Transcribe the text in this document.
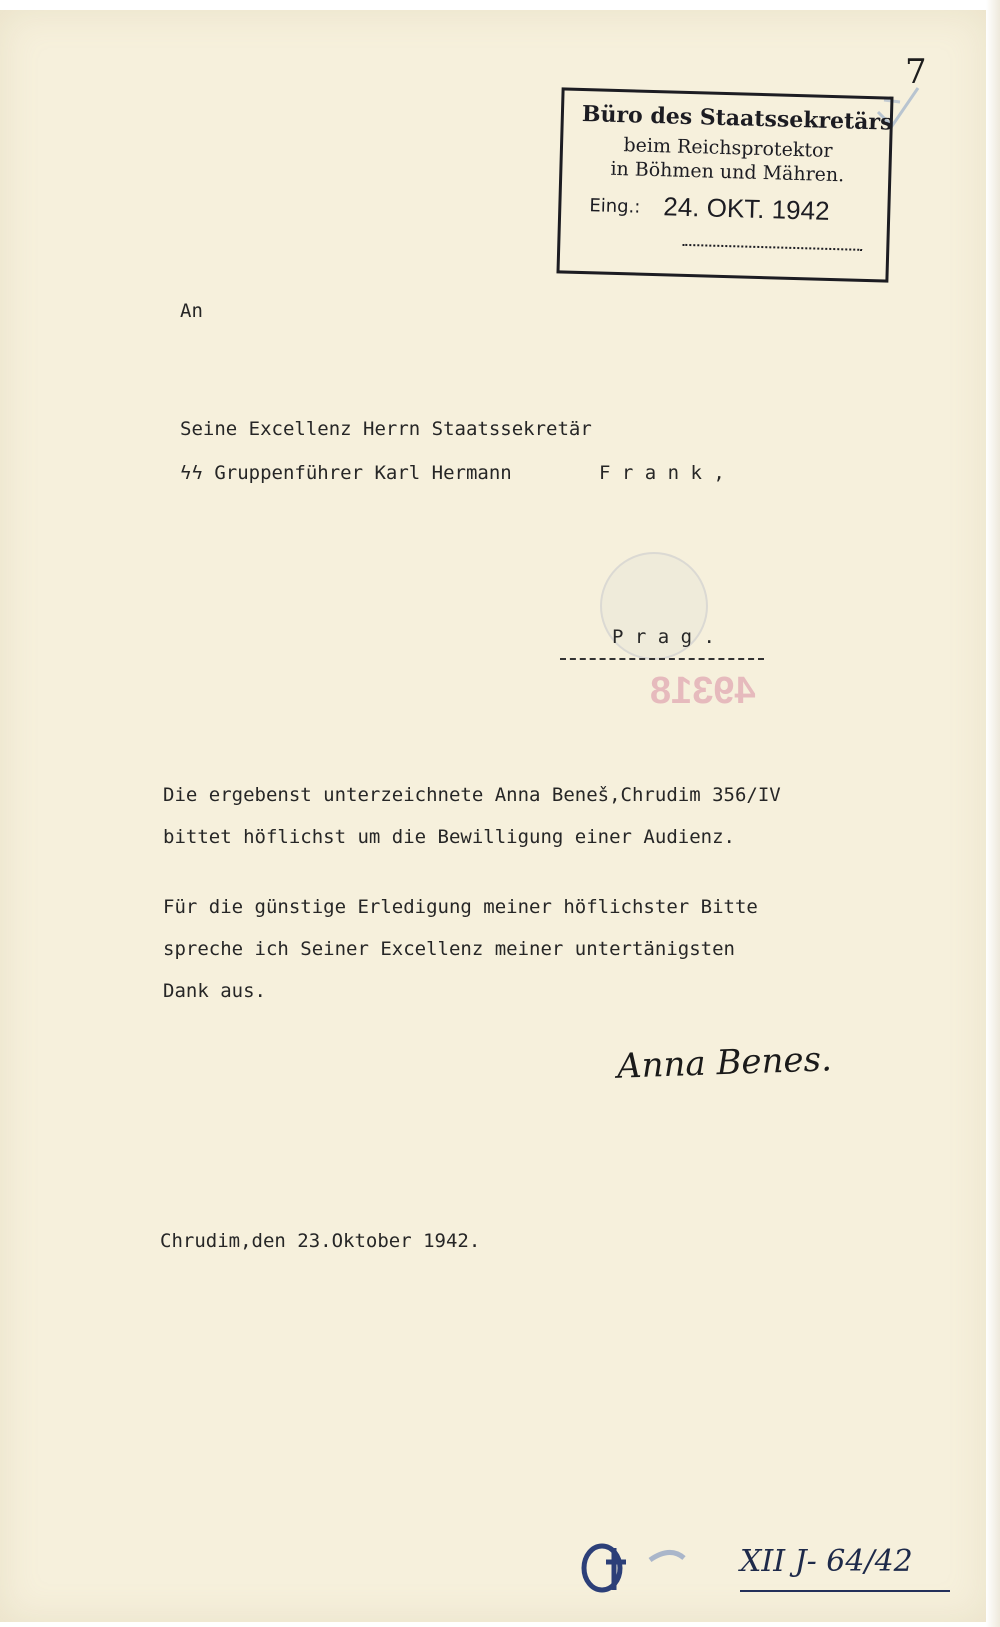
7
Büro des Staatssekretärs
beim Reichsprotektor
in Böhmen und Mähren.
Eing.: 24. OKT. 1942
An
Seine Excellenz Herrn Staatssekretär
ϟϟ Gruppenführer Karl Hermann	F r a n k ,
P r a g .
49318
Die ergebenst unterzeichnete Anna Beneš,Chrudim 356/IV
bittet höflichst um die Bewilligung einer Audienz.
Für die günstige Erledigung meiner höflichster Bitte
spreche ich Seiner Excellenz meiner untertänigsten
Dank aus.
Anna Benes.
Chrudim,den 23.Oktober 1942.
XII J- 64/42
